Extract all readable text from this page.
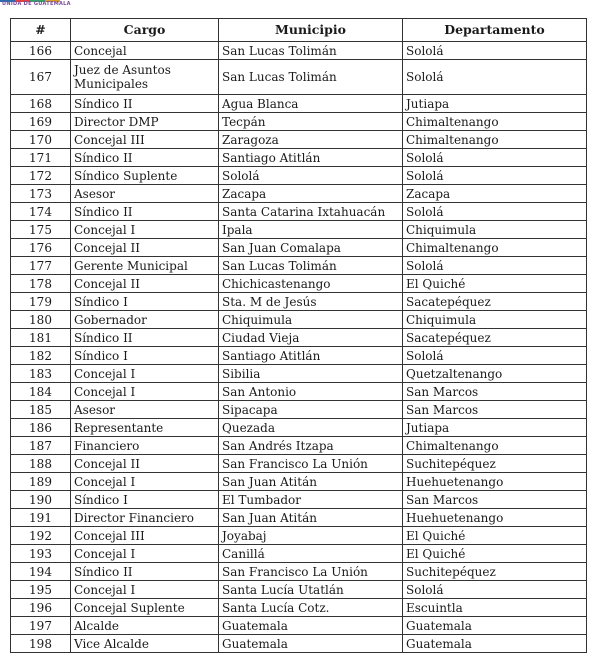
UNIDA DE GUATEMALA
#	Cargo	Municipio	Departamento
166	Concejal	San Lucas Tolimán	Sololá
167	Juez de Asuntos Municipales	San Lucas Tolimán	Sololá
168	Síndico II	Agua Blanca	Jutiapa
169	Director DMP	Tecpán	Chimaltenango
170	Concejal III	Zaragoza	Chimaltenango
171	Síndico II	Santiago Atitlán	Sololá
172	Síndico Suplente	Sololá	Sololá
173	Asesor	Zacapa	Zacapa
174	Síndico II	Santa Catarina Ixtahuacán	Sololá
175	Concejal I	Ipala	Chiquimula
176	Concejal II	San Juan Comalapa	Chimaltenango
177	Gerente Municipal	San Lucas Tolimán	Sololá
178	Concejal II	Chichicastenango	El Quiché
179	Síndico I	Sta. M de Jesús	Sacatepéquez
180	Gobernador	Chiquimula	Chiquimula
181	Síndico II	Ciudad Vieja	Sacatepéquez
182	Síndico I	Santiago Atitlán	Sololá
183	Concejal I	Sibilia	Quetzaltenango
184	Concejal I	San Antonio	San Marcos
185	Asesor	Sipacapa	San Marcos
186	Representante	Quezada	Jutiapa
187	Financiero	San Andrés Itzapa	Chimaltenango
188	Concejal II	San Francisco La Unión	Suchitepéquez
189	Concejal I	San Juan Atitán	Huehuetenango
190	Síndico I	El Tumbador	San Marcos
191	Director Financiero	San Juan Atitán	Huehuetenango
192	Concejal III	Joyabaj	El Quiché
193	Concejal I	Canillá	El Quiché
194	Síndico II	San Francisco La Unión	Suchitepéquez
195	Concejal I	Santa Lucía Utatlán	Sololá
196	Concejal Suplente	Santa Lucía Cotz.	Escuintla
197	Alcalde	Guatemala	Guatemala
198	Vice Alcalde	Guatemala	Guatemala
